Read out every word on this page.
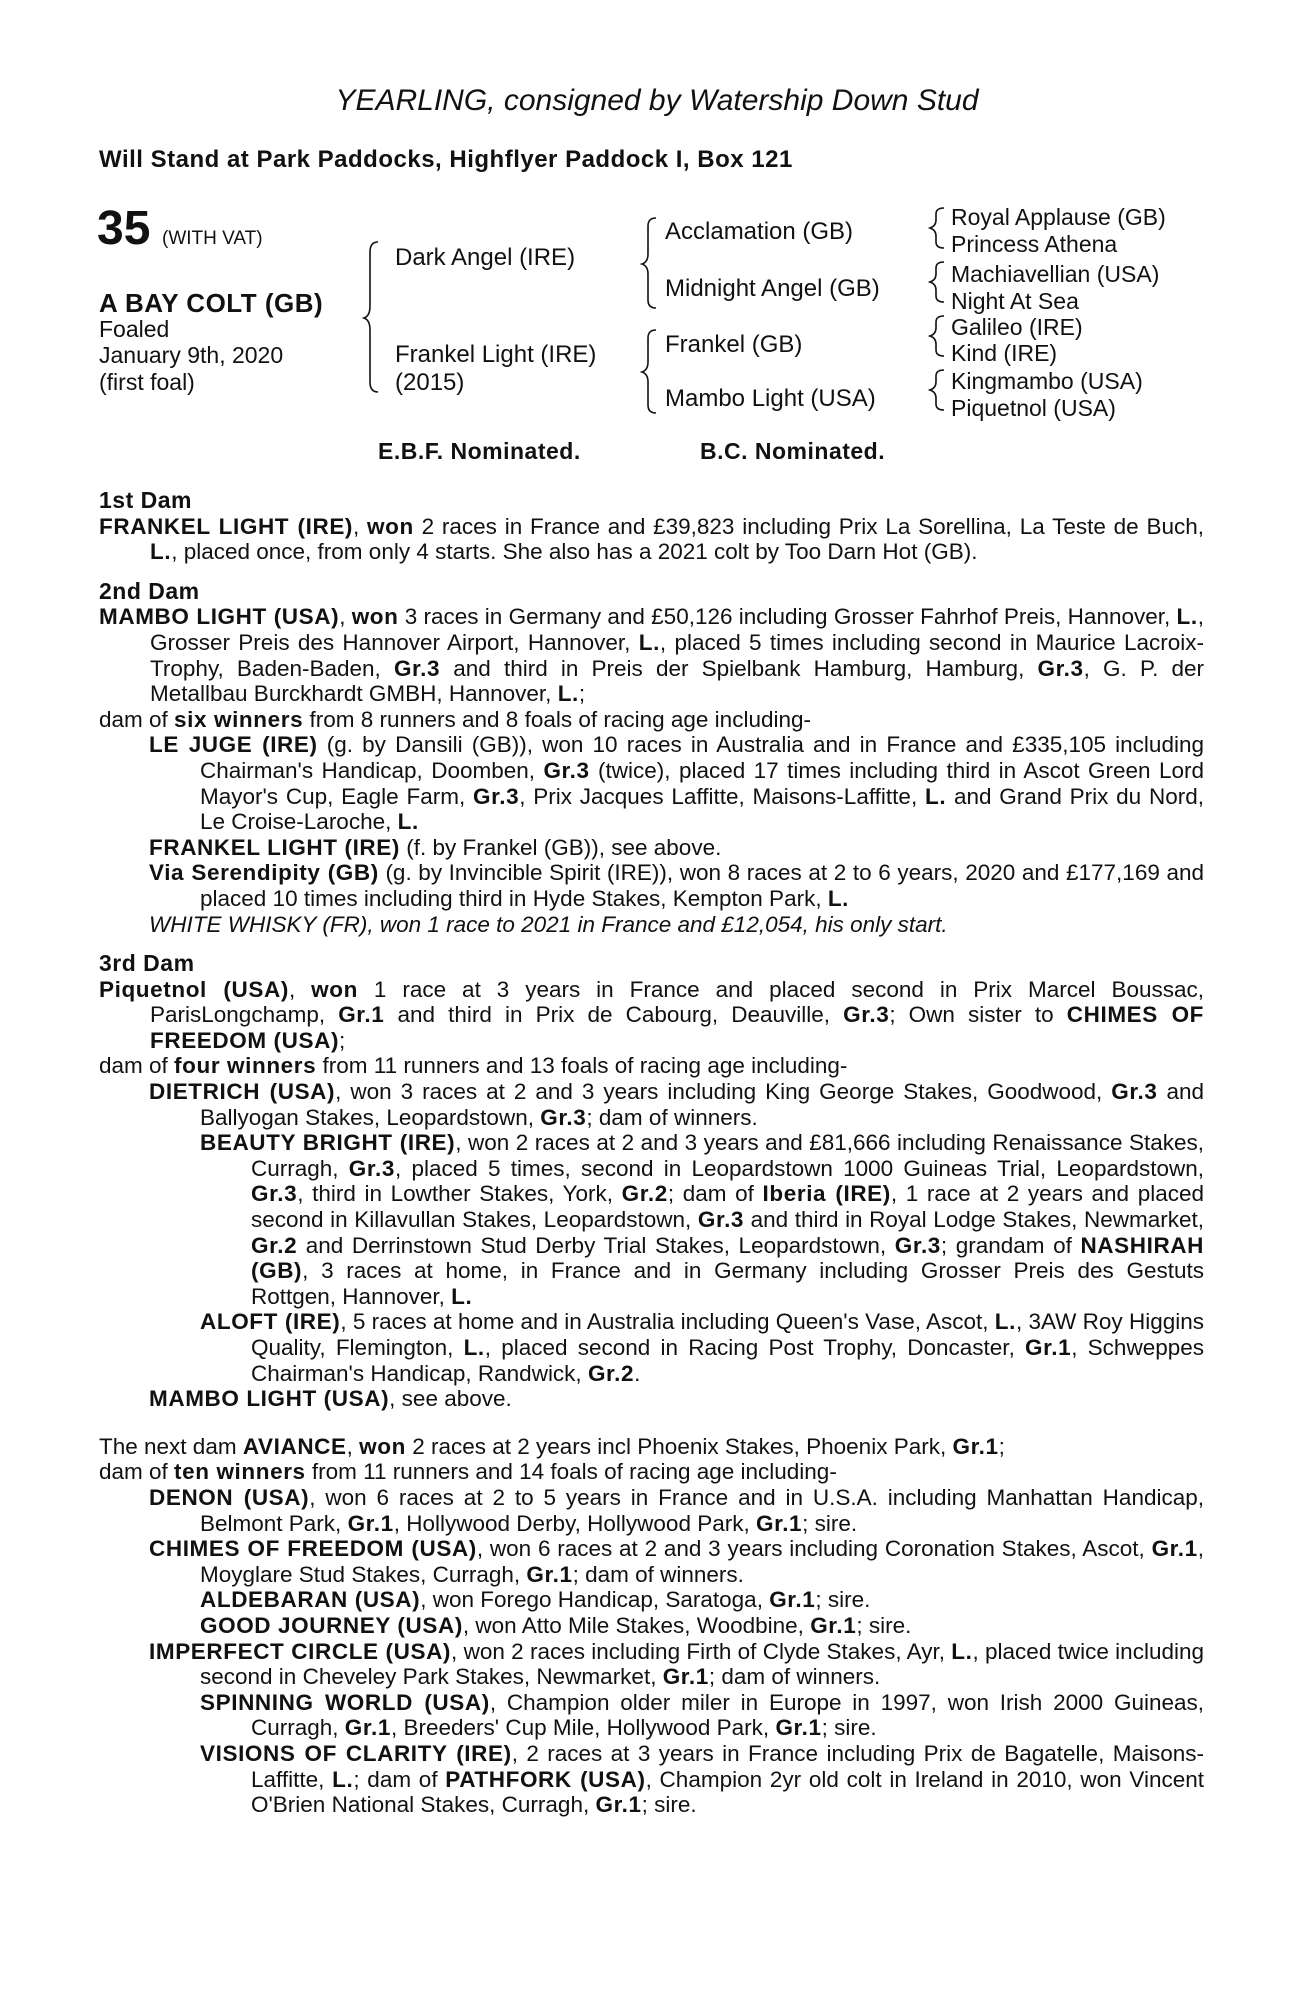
YEARLING, consigned by Watership Down Stud
Will Stand at Park Paddocks, Highflyer Paddock I, Box 121
35 (WITH VAT)
A BAY COLT (GB)
Foaled
January 9th, 2020
(first foal)
Dark Angel (IRE)
Frankel Light (IRE)
(2015)
Acclamation (GB)
Midnight Angel (GB)
Frankel (GB)
Mambo Light (USA)
Royal Applause (GB)
Princess Athena
Machiavellian (USA)
Night At Sea
Galileo (IRE)
Kind (IRE)
Kingmambo (USA)
Piquetnol (USA)
E.B.F. Nominated.	B.C. Nominated.
1st Dam
FRANKEL LIGHT (IRE), won 2 races in France and £39,823 including Prix La Sorellina, La Teste de Buch, L., placed once, from only 4 starts. She also has a 2021 colt by Too Darn Hot (GB).
2nd Dam
MAMBO LIGHT (USA), won 3 races in Germany and £50,126 including Grosser Fahrhof Preis, Hannover, L., Grosser Preis des Hannover Airport, Hannover, L., placed 5 times including second in Maurice Lacroix-Trophy, Baden-Baden, Gr.3 and third in Preis der Spielbank Hamburg, Hamburg, Gr.3, G. P. der Metallbau Burckhardt GMBH, Hannover, L.;
dam of six winners from 8 runners and 8 foals of racing age including-
LE JUGE (IRE) (g. by Dansili (GB)), won 10 races in Australia and in France and £335,105 including Chairman's Handicap, Doomben, Gr.3 (twice), placed 17 times including third in Ascot Green Lord Mayor's Cup, Eagle Farm, Gr.3, Prix Jacques Laffitte, Maisons-Laffitte, L. and Grand Prix du Nord, Le Croise-Laroche, L.
FRANKEL LIGHT (IRE) (f. by Frankel (GB)), see above.
Via Serendipity (GB) (g. by Invincible Spirit (IRE)), won 8 races at 2 to 6 years, 2020 and £177,169 and placed 10 times including third in Hyde Stakes, Kempton Park, L.
WHITE WHISKY (FR), won 1 race to 2021 in France and £12,054, his only start.
3rd Dam
Piquetnol (USA), won 1 race at 3 years in France and placed second in Prix Marcel Boussac, ParisLongchamp, Gr.1 and third in Prix de Cabourg, Deauville, Gr.3; Own sister to CHIMES OF FREEDOM (USA);
dam of four winners from 11 runners and 13 foals of racing age including-
DIETRICH (USA), won 3 races at 2 and 3 years including King George Stakes, Goodwood, Gr.3 and Ballyogan Stakes, Leopardstown, Gr.3; dam of winners.
BEAUTY BRIGHT (IRE), won 2 races at 2 and 3 years and £81,666 including Renaissance Stakes, Curragh, Gr.3, placed 5 times, second in Leopardstown 1000 Guineas Trial, Leopardstown, Gr.3, third in Lowther Stakes, York, Gr.2; dam of Iberia (IRE), 1 race at 2 years and placed second in Killavullan Stakes, Leopardstown, Gr.3 and third in Royal Lodge Stakes, Newmarket, Gr.2 and Derrinstown Stud Derby Trial Stakes, Leopardstown, Gr.3; grandam of NASHIRAH (GB), 3 races at home, in France and in Germany including Grosser Preis des Gestuts Rottgen, Hannover, L.
ALOFT (IRE), 5 races at home and in Australia including Queen's Vase, Ascot, L., 3AW Roy Higgins Quality, Flemington, L., placed second in Racing Post Trophy, Doncaster, Gr.1, Schweppes Chairman's Handicap, Randwick, Gr.2.
MAMBO LIGHT (USA), see above.
The next dam AVIANCE, won 2 races at 2 years incl Phoenix Stakes, Phoenix Park, Gr.1;
dam of ten winners from 11 runners and 14 foals of racing age including-
DENON (USA), won 6 races at 2 to 5 years in France and in U.S.A. including Manhattan Handicap, Belmont Park, Gr.1, Hollywood Derby, Hollywood Park, Gr.1; sire.
CHIMES OF FREEDOM (USA), won 6 races at 2 and 3 years including Coronation Stakes, Ascot, Gr.1, Moyglare Stud Stakes, Curragh, Gr.1; dam of winners.
ALDEBARAN (USA), won Forego Handicap, Saratoga, Gr.1; sire.
GOOD JOURNEY (USA), won Atto Mile Stakes, Woodbine, Gr.1; sire.
IMPERFECT CIRCLE (USA), won 2 races including Firth of Clyde Stakes, Ayr, L., placed twice including second in Cheveley Park Stakes, Newmarket, Gr.1; dam of winners.
SPINNING WORLD (USA), Champion older miler in Europe in 1997, won Irish 2000 Guineas, Curragh, Gr.1, Breeders' Cup Mile, Hollywood Park, Gr.1; sire.
VISIONS OF CLARITY (IRE), 2 races at 3 years in France including Prix de Bagatelle, Maisons-Laffitte, L.; dam of PATHFORK (USA), Champion 2yr old colt in Ireland in 2010, won Vincent O'Brien National Stakes, Curragh, Gr.1; sire.
